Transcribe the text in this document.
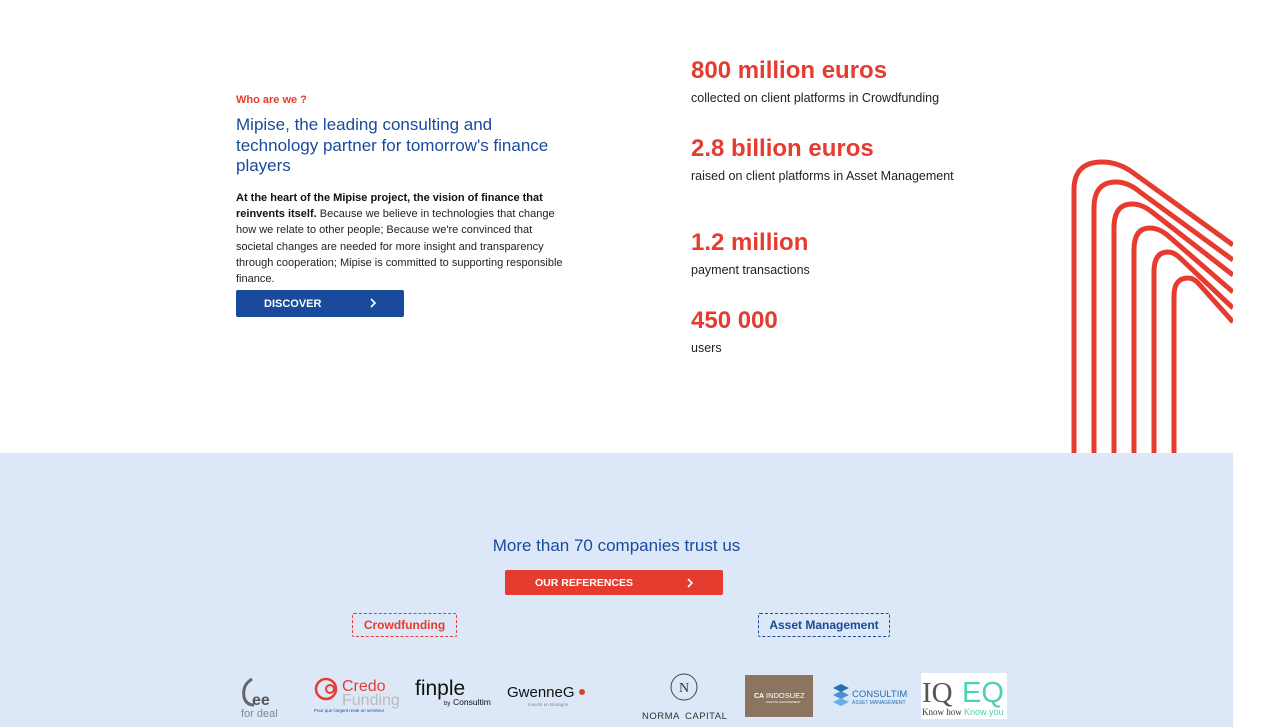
Who are we ?
Mipise, the leading consulting and technology partner for tomorrow's finance players

At the heart of the Mipise project, the vision of finance that reinvents itself. Because we believe in technologies that change how we relate to other people; Because we're convinced that societal changes are needed for more insight and transparency through cooperation; Mipise is committed to supporting responsible finance.

DISCOVER
800 million euros
collected on client platforms in Crowdfunding
2.8 billion euros
raised on client platforms in Asset Management
1.2 million
payment transactions
450 000
users
More than 70 companies trust us
OUR REFERENCES
Crowdfunding	Asset Management
ee
for deal
Credo
Funding
Pour que l'argent reste un serviteur
finple
by Consultim
GwenneG
Investir en Bretagne
N
NORMA CAPITAL
CA INDOSUEZ
WEALTH MANAGEMENT
CONSULTIM
ASSET MANAGEMENT IQ EQ
Know how Know you
